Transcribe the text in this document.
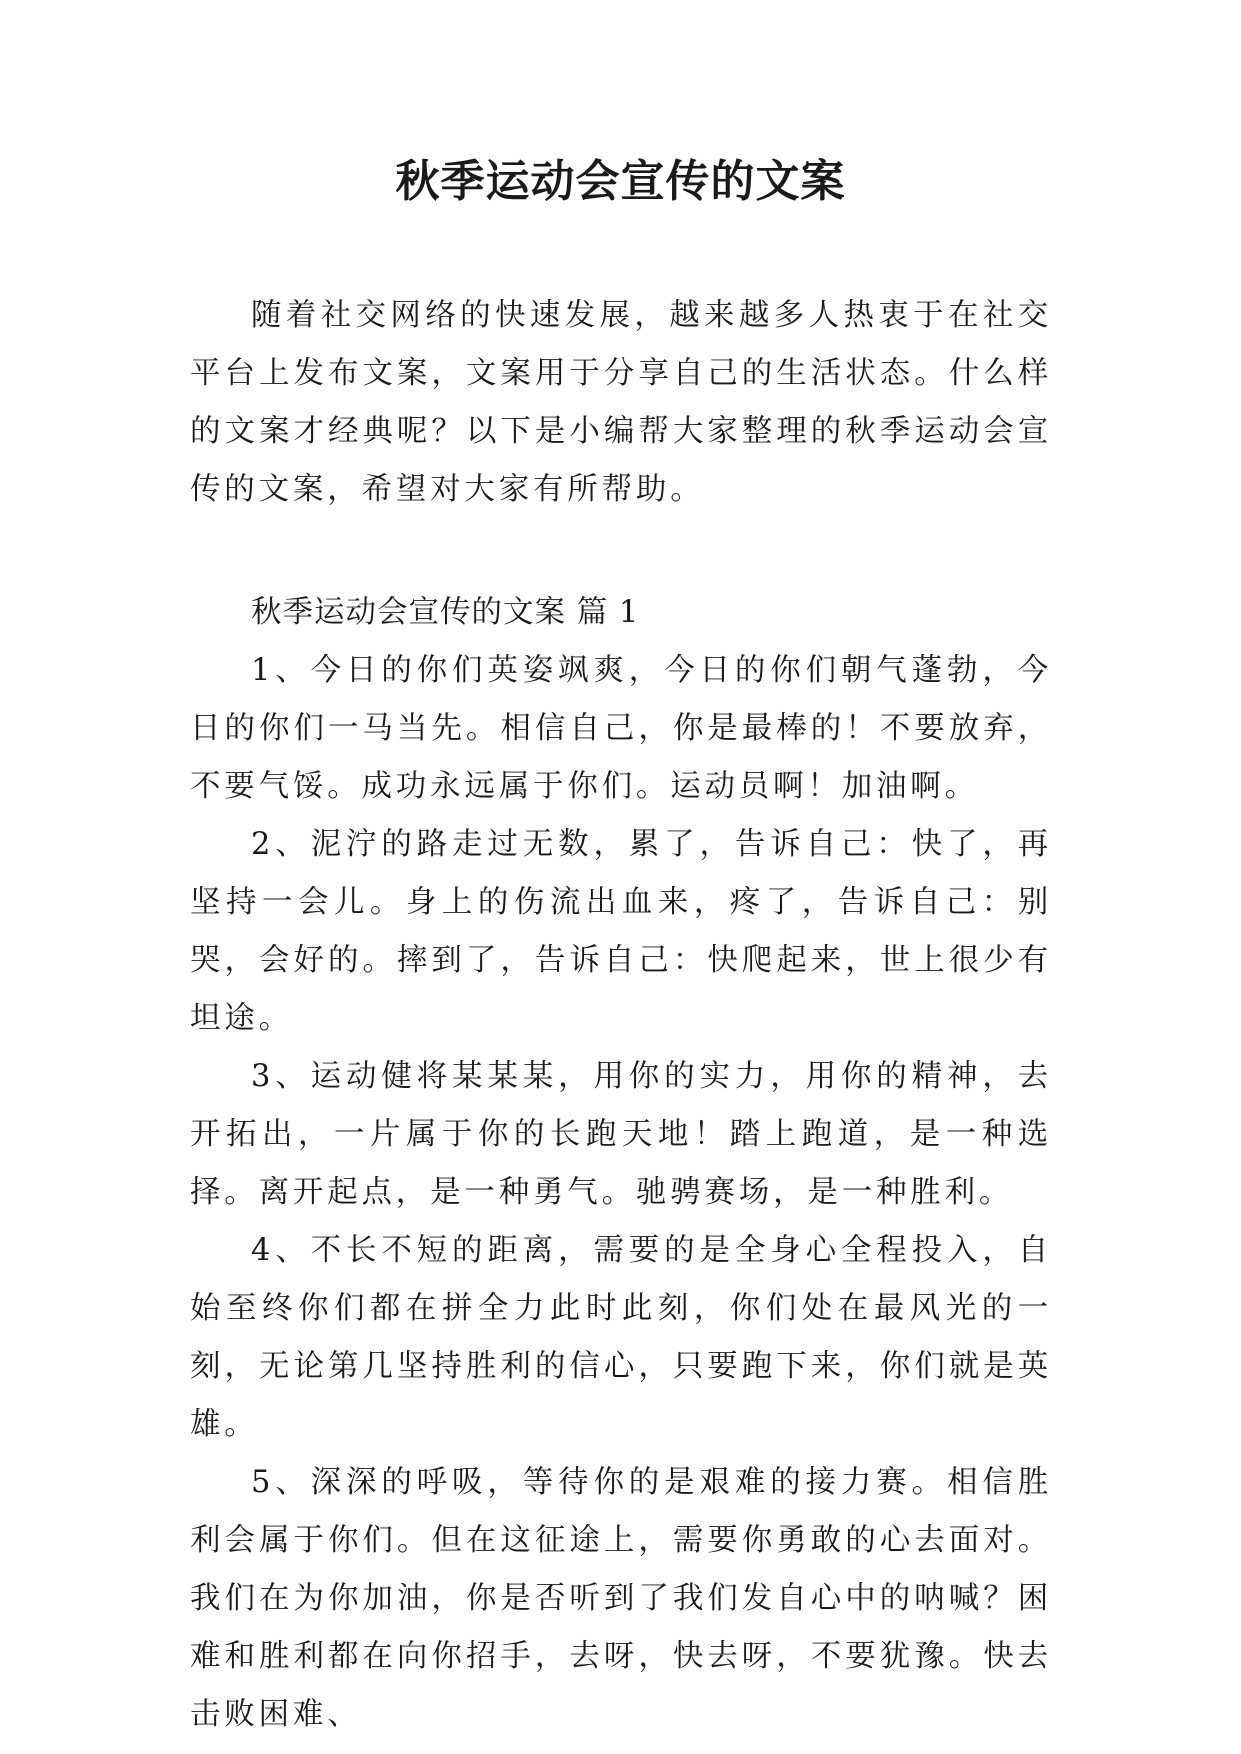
秋季运动会宣传的文案

随着社交网络的快速发展，越来越多人热衷于在社交平台上发布文案，文案用于分享自己的生活状态。什么样的文案才经典呢？以下是小编帮大家整理的秋季运动会宣传的文案，希望对大家有所帮助。

秋季运动会宣传的文案 篇 1

1、今日的你们英姿飒爽，今日的你们朝气蓬勃，今日的你们一马当先。相信自己，你是最棒的！不要放弃，不要气馁。成功永远属于你们。运动员啊！加油啊。

2、泥泞的路走过无数，累了，告诉自己：快了，再坚持一会儿。身上的伤流出血来，疼了，告诉自己：别哭，会好的。摔到了，告诉自己：快爬起来，世上很少有坦途。

3、运动健将某某某，用你的实力，用你的精神，去开拓出，一片属于你的长跑天地！踏上跑道，是一种选择。离开起点，是一种勇气。驰骋赛场，是一种胜利。

4、不长不短的距离，需要的是全身心全程投入，自始至终你们都在拼全力此时此刻，你们处在最风光的一刻，无论第几坚持胜利的信心，只要跑下来，你们就是英雄。

5、深深的呼吸，等待你的是艰难的接力赛。相信胜利会属于你们。但在这征途上，需要你勇敢的心去面对。我们在为你加油，你是否听到了我们发自心中的呐喊？困难和胜利都在向你招手，去呀，快去呀，不要犹豫。快去击败困难、
